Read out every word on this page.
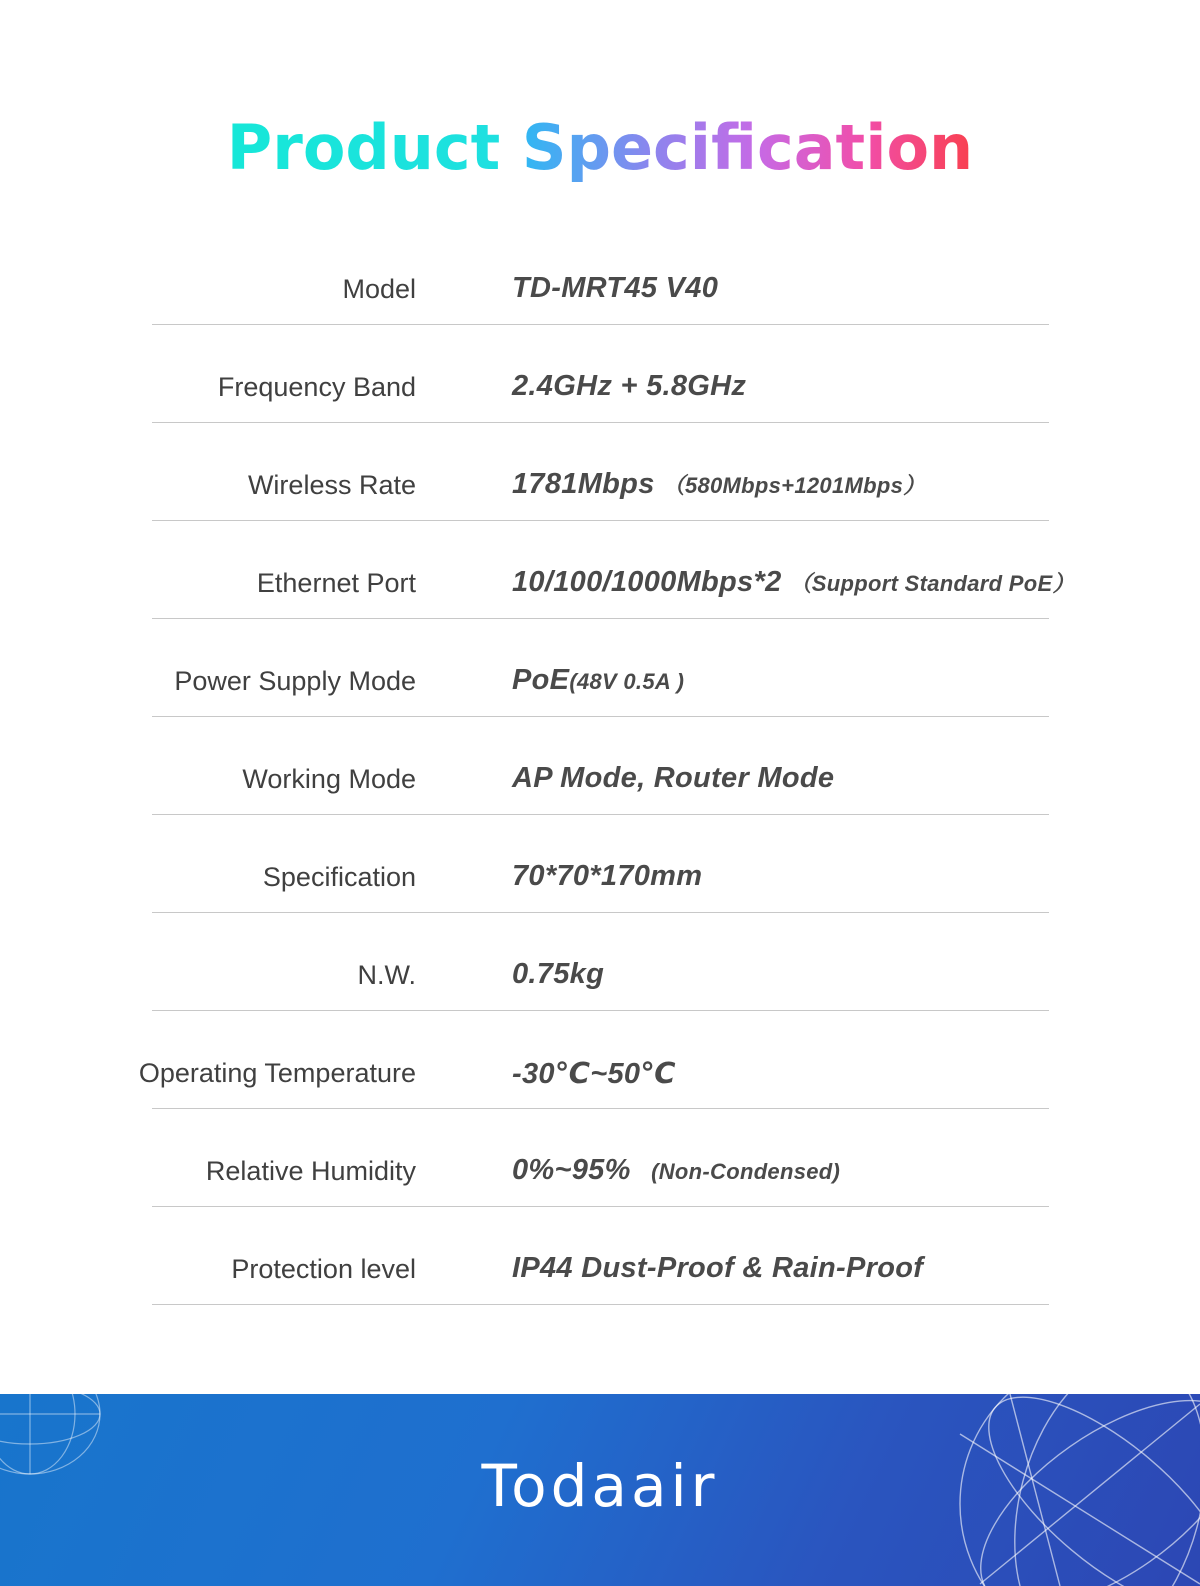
Product Specification
Model	TD-MRT45 V40
Frequency Band	2.4GHz + 5.8GHz
Wireless Rate	1781Mbps （580Mbps+1201Mbps）
Ethernet Port	10/100/1000Mbps*2 （Support Standard PoE）
Power Supply Mode	PoE(48V 0.5A )
Working Mode	AP Mode, Router Mode
Specification	70*70*170mm
N.W.	0.75kg
Operating Temperature	-30℃~50℃
Relative Humidity	0%~95% (Non-Condensed)
Protection level	IP44 Dust-Proof & Rain-Proof
Todaair
